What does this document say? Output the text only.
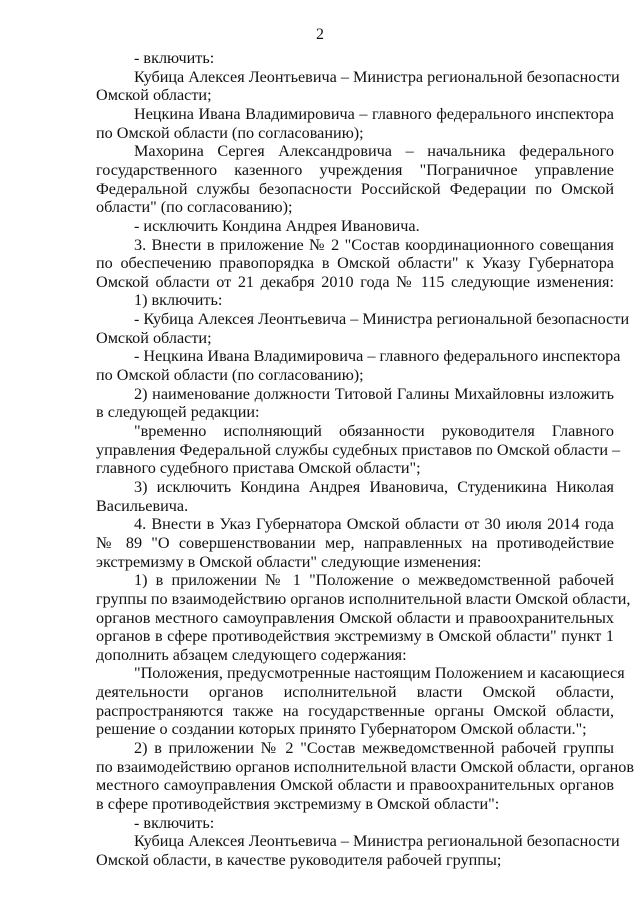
2
- включить:
Кубица Алексея Леонтьевича – Министра региональной безопасности
Омской области;
Нецкина Ивана Владимировича – главного федерального инспектора
по Омской области (по согласованию);
Махорина Сергея Александровича – начальника федерального
государственного казенного учреждения "Пограничное управление
Федеральной службы безопасности Российской Федерации по Омской
области" (по согласованию);
- исключить Кондина Андрея Ивановича.
3. Внести в приложение № 2 "Состав координационного совещания
по обеспечению правопорядка в Омской области" к Указу Губернатора
Омской области от 21 декабря 2010 года № 115 следующие изменения:
1) включить:
- Кубица Алексея Леонтьевича – Министра региональной безопасности
Омской области;
- Нецкина Ивана Владимировича – главного федерального инспектора
по Омской области (по согласованию);
2) наименование должности Титовой Галины Михайловны изложить
в следующей редакции:
"временно исполняющий обязанности руководителя Главного
управления Федеральной службы судебных приставов по Омской области –
главного судебного пристава Омской области";
3) исключить Кондина Андрея Ивановича, Студеникина Николая
Васильевича.
4. Внести в Указ Губернатора Омской области от 30 июля 2014 года
№ 89 "О совершенствовании мер, направленных на противодействие
экстремизму в Омской области" следующие изменения:
1) в приложении № 1 "Положение о межведомственной рабочей
группы по взаимодействию органов исполнительной власти Омской области,
органов местного самоуправления Омской области и правоохранительных
органов в сфере противодействия экстремизму в Омской области" пункт 1
дополнить абзацем следующего содержания:
"Положения, предусмотренные настоящим Положением и касающиеся
деятельности органов исполнительной власти Омской области,
распространяются также на государственные органы Омской области,
решение о создании которых принято Губернатором Омской области.";
2) в приложении № 2 "Состав межведомственной рабочей группы
по взаимодействию органов исполнительной власти Омской области, органов
местного самоуправления Омской области и правоохранительных органов
в сфере противодействия экстремизму в Омской области":
- включить:
Кубица Алексея Леонтьевича – Министра региональной безопасности
Омской области, в качестве руководителя рабочей группы;
